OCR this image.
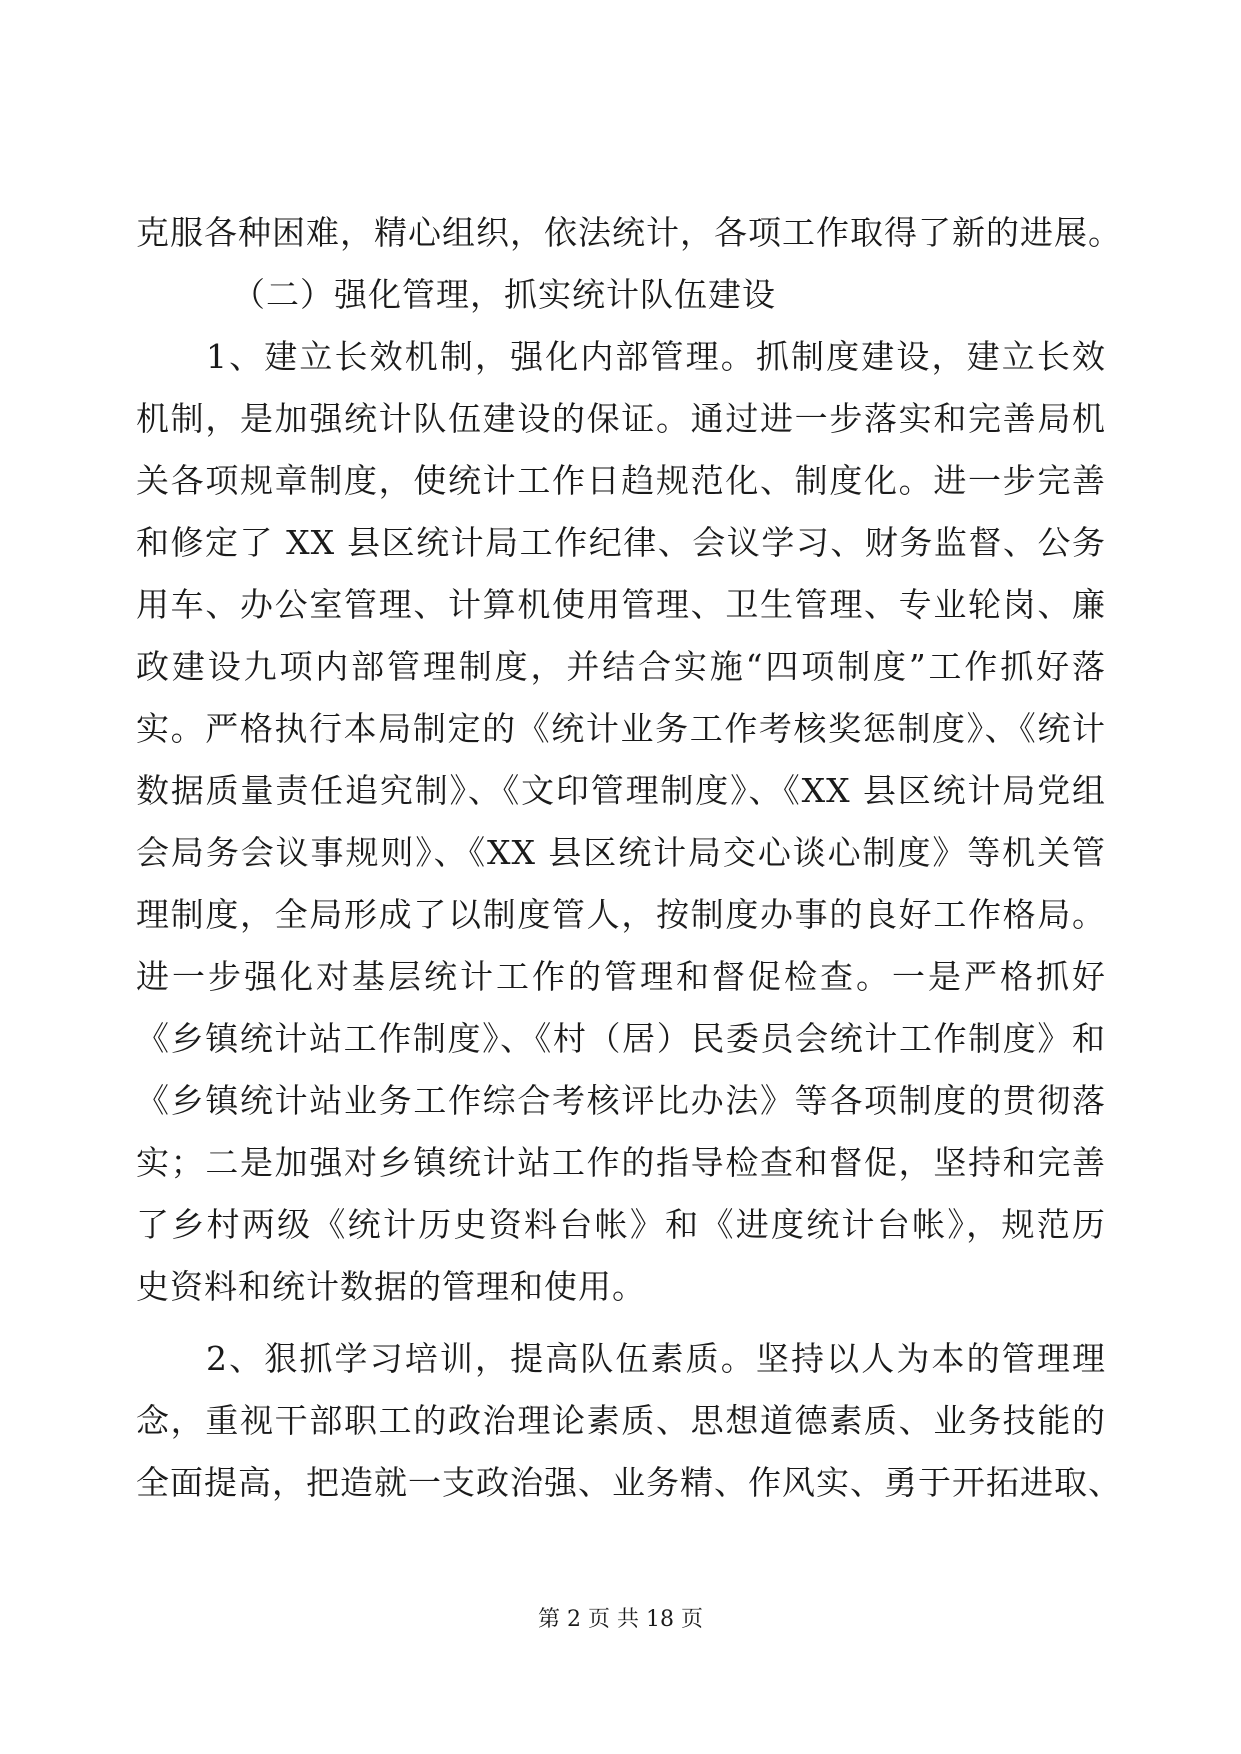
克服各种困难，精心组织，依法统计，各项工作取得了新的进展。
（二）强化管理，抓实统计队伍建设
1、建立长效机制，强化内部管理。抓制度建设，建立长效
机制，是加强统计队伍建设的保证。通过进一步落实和完善局机
关各项规章制度，使统计工作日趋规范化、制度化。进一步完善
和修定了 XX 县区统计局工作纪律、会议学习、财务监督、公务
用车、办公室管理、计算机使用管理、卫生管理、专业轮岗、廉
政建设九项内部管理制度，并结合实施“四项制度”工作抓好落
实。严格执行本局制定的《统计业务工作考核奖惩制度》、《统计
数据质量责任追究制》、《文印管理制度》、《XX 县区统计局党组
会局务会议事规则》、《XX 县区统计局交心谈心制度》等机关管
理制度，全局形成了以制度管人，按制度办事的良好工作格局。
进一步强化对基层统计工作的管理和督促检查。一是严格抓好
《乡镇统计站工作制度》、《村（居）民委员会统计工作制度》和
《乡镇统计站业务工作综合考核评比办法》等各项制度的贯彻落
实；二是加强对乡镇统计站工作的指导检查和督促，坚持和完善
了乡村两级《统计历史资料台帐》和《进度统计台帐》，规范历
史资料和统计数据的管理和使用。
2、狠抓学习培训，提高队伍素质。坚持以人为本的管理理
念，重视干部职工的政治理论素质、思想道德素质、业务技能的
全面提高，把造就一支政治强、业务精、作风实、勇于开拓进取、
第 2 页 共 18 页
